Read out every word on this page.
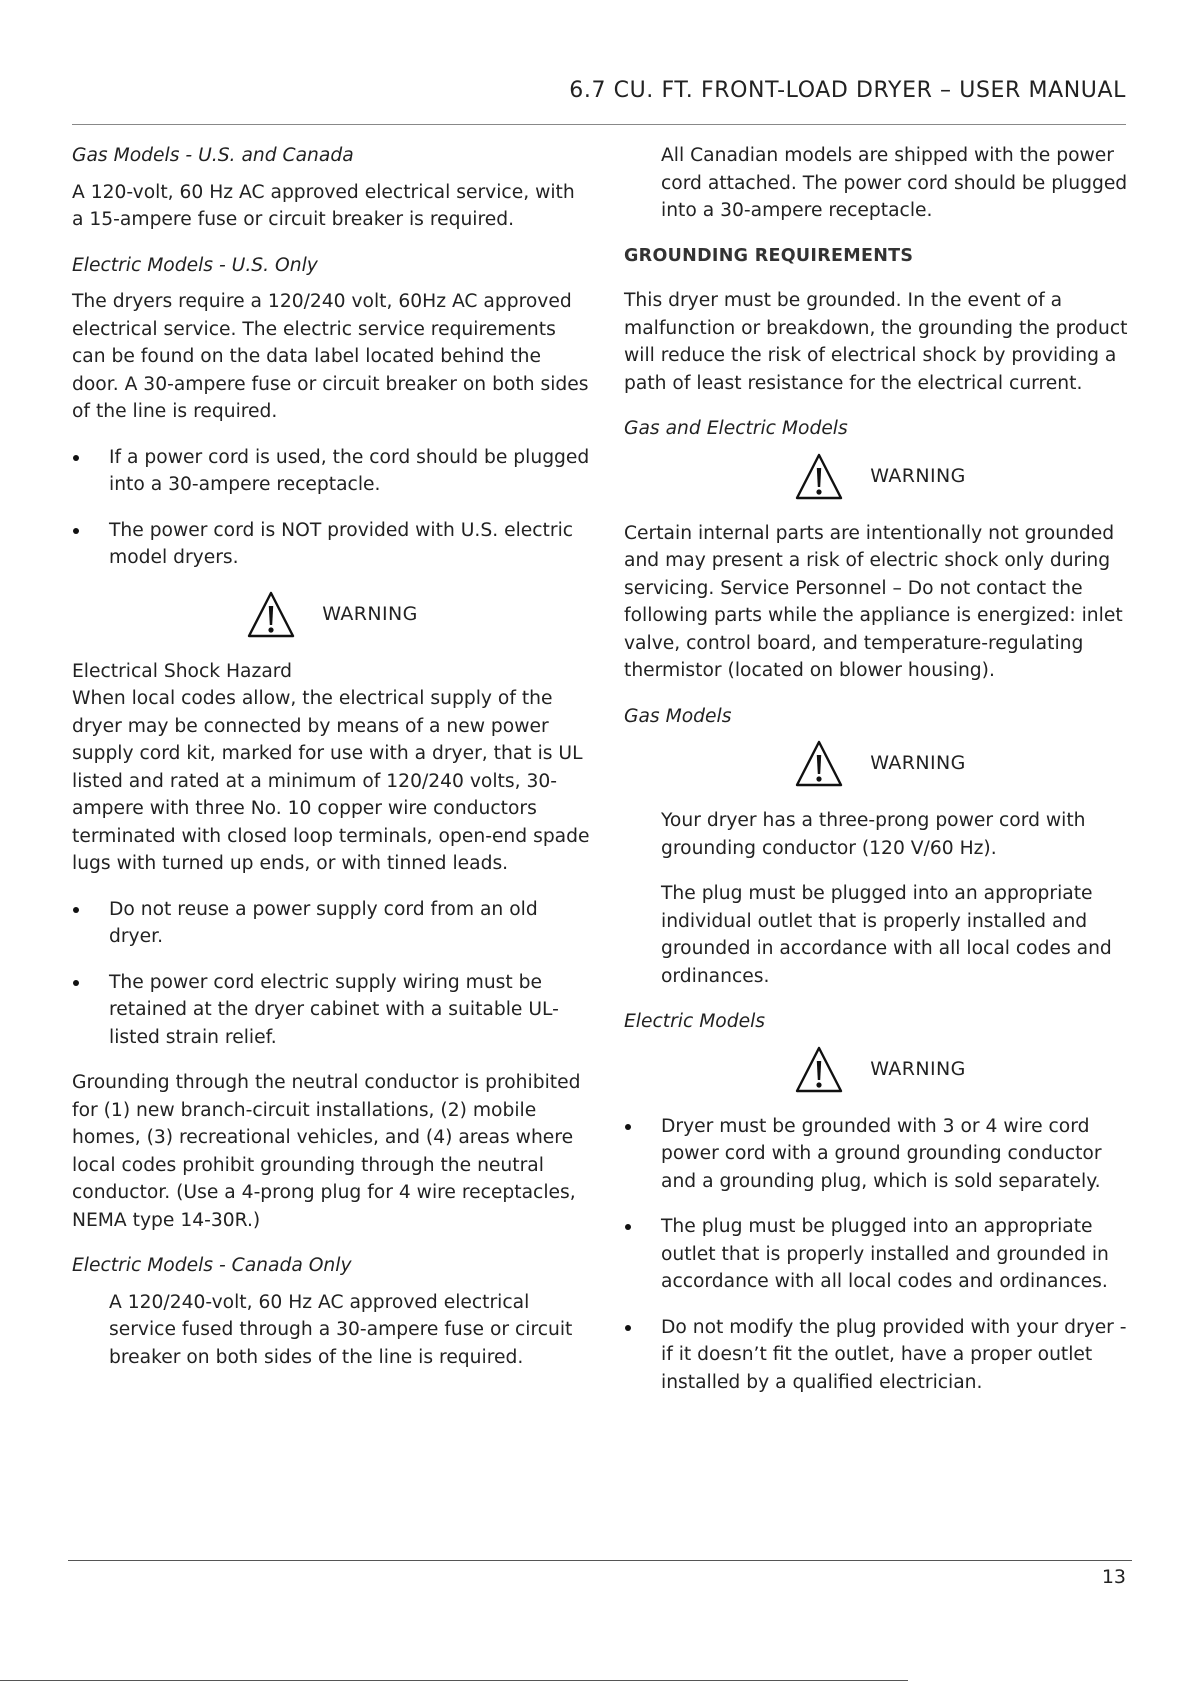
6.7 CU. FT. FRONT-LOAD DRYER – USER MANUAL

Gas Models - U.S. and Canada

A 120-volt, 60 Hz AC approved electrical service, with a 15-ampere fuse or circuit breaker is required.

Electric Models - U.S. Only

The dryers require a 120/240 volt, 60Hz AC approved electrical service. The electric service requirements can be found on the data label located behind the door. A 30-ampere fuse or circuit breaker on both sides of the line is required.

If a power cord is used, the cord should be plugged into a 30-ampere receptacle.
The power cord is NOT provided with U.S. electric model dryers.
WARNING

Electrical Shock Hazard

When local codes allow, the electrical supply of the dryer may be connected by means of a new power supply cord kit, marked for use with a dryer, that is UL listed and rated at a minimum of 120/240 volts, 30-ampere with three No. 10 copper wire conductors terminated with closed loop terminals, open-end spade lugs with turned up ends, or with tinned leads.

Do not reuse a power supply cord from an old dryer.
The power cord electric supply wiring must be retained at the dryer cabinet with a suitable UL-listed strain relief.

Grounding through the neutral conductor is prohibited for (1) new branch-circuit installations, (2) mobile homes, (3) recreational vehicles, and (4) areas where local codes prohibit grounding through the neutral conductor. (Use a 4-prong plug for 4 wire receptacles, NEMA type 14-30R.)

Electric Models - Canada Only

A 120/240-volt, 60 Hz AC approved electrical service fused through a 30-ampere fuse or circuit breaker on both sides of the line is required.

All Canadian models are shipped with the power cord attached. The power cord should be plugged into a 30-ampere receptacle.

GROUNDING REQUIREMENTS

This dryer must be grounded. In the event of a malfunction or breakdown, the grounding the product will reduce the risk of electrical shock by providing a path of least resistance for the electrical current.

Gas and Electric Models

WARNING

Certain internal parts are intentionally not grounded and may present a risk of electric shock only during servicing. Service Personnel – Do not contact the following parts while the appliance is energized: inlet valve, control board, and temperature-regulating thermistor (located on blower housing).

Gas Models

WARNING

Your dryer has a three-prong power cord with grounding conductor (120 V/60 Hz).

The plug must be plugged into an appropriate individual outlet that is properly installed and grounded in accordance with all local codes and ordinances.

Electric Models

WARNING
Dryer must be grounded with 3 or 4 wire cord power cord with a ground grounding conductor and a grounding plug, which is sold separately.
The plug must be plugged into an appropriate outlet that is properly installed and grounded in accordance with all local codes and ordinances.
Do not modify the plug provided with your dryer - if it doesn’t fit the outlet, have a proper outlet installed by a qualified electrician.
13
